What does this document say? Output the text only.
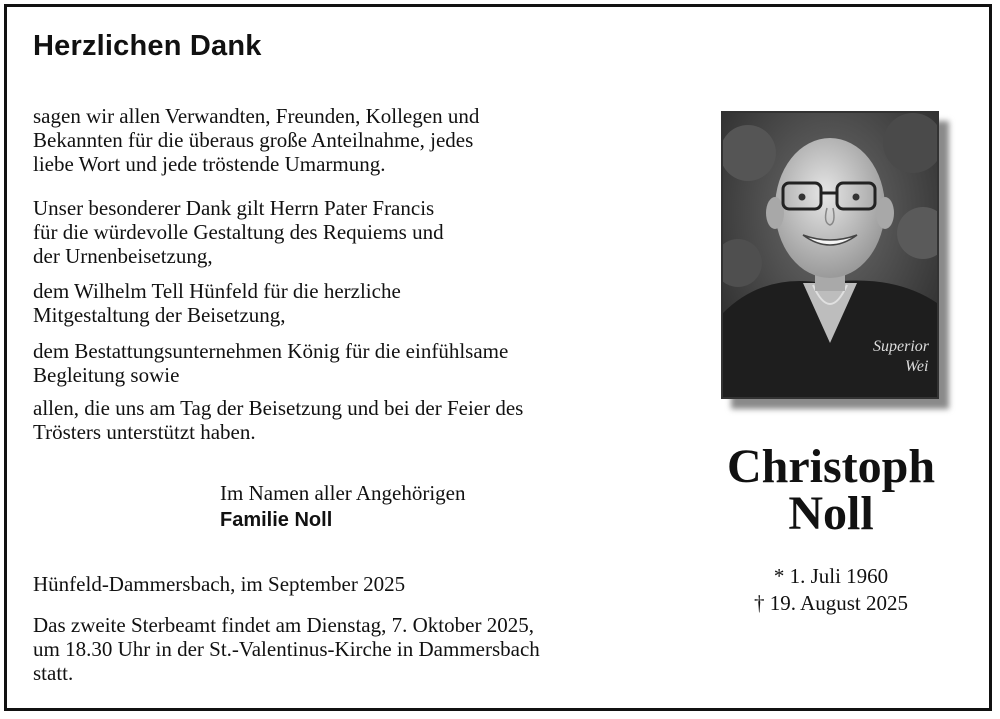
Herzlichen Dank
sagen wir allen Verwandten, Freunden, Kollegen und
Bekannten für die überaus große Anteilnahme, jedes
liebe Wort und jede tröstende Umarmung.
Unser besonderer Dank gilt Herrn Pater Francis
für die würdevolle Gestaltung des Requiems und
der Urnenbeisetzung,
dem Wilhelm Tell Hünfeld für die herzliche
Mitgestaltung der Beisetzung,
dem Bestattungsunternehmen König für die einfühlsame
Begleitung sowie
allen, die uns am Tag der Beisetzung und bei der Feier des
Trösters unterstützt haben.
Im Namen aller Angehörigen
Familie Noll
Hünfeld-Dammersbach, im September 2025
Das zweite Sterbeamt findet am Dienstag, 7. Oktober 2025,
um 18.30 Uhr in der St.-Valentinus-Kirche in Dammersbach
statt.
Superior
Wei
Christoph
Noll
* 1. Juli 1960
† 19. August 2025
